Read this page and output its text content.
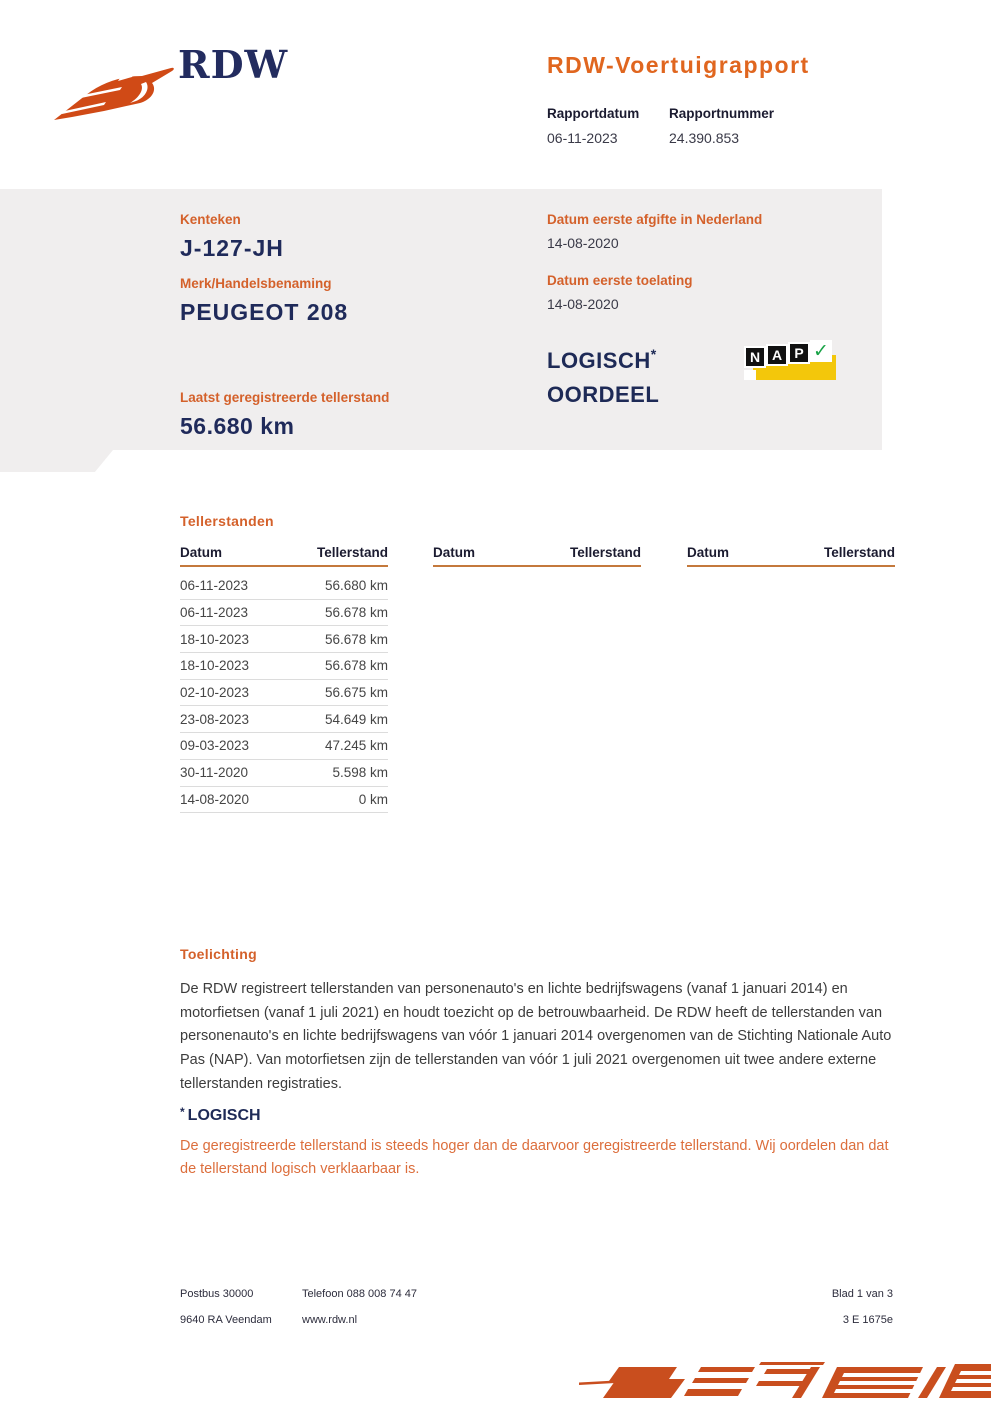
RDW	RDW-Voertuigrapport
Rapportdatum
06-11-2023
Rapportnummer
24.390.853
Kenteken
J-127-JH
Merk/Handelsbenaming
PEUGEOT 208
Datum eerste afgifte in Nederland
14-08-2020
Datum eerste toelating
14-08-2020
Laatst geregistreerde tellerstand
56.680 km
LOGISCH*
OORDEEL
N A P ✓
Tellerstanden
Datum	Tellerstand
06-11-2023	56.680 km
06-11-2023	56.678 km
18-10-2023	56.678 km
18-10-2023	56.678 km
02-10-2023	56.675 km
23-08-2023	54.649 km
09-03-2023	47.245 km
30-11-2020	5.598 km
14-08-2020	0 km
Datum	Tellerstand	Datum	Tellerstand
Toelichting
De RDW registreert tellerstanden van personenauto's en lichte bedrijfswagens (vanaf 1 januari 2014) en motorfietsen (vanaf 1 juli 2021) en houdt toezicht op de betrouwbaarheid. De RDW heeft de tellerstanden van personenauto's en lichte bedrijfswagens van vóór 1 januari 2014 overgenomen van de Stichting Nationale Auto Pas (NAP). Van motorfietsen zijn de tellerstanden van vóór 1 juli 2021 overgenomen uit twee andere externe tellerstanden registraties.
* LOGISCH
De geregistreerde tellerstand is steeds hoger dan de daarvoor geregistreerde tellerstand. Wij oordelen dan dat de tellerstand logisch verklaarbaar is.
Postbus 30000
9640 RA Veendam
Telefoon 088 008 74 47
www.rdw.nl
Blad 1 van 3
3 E 1675e
